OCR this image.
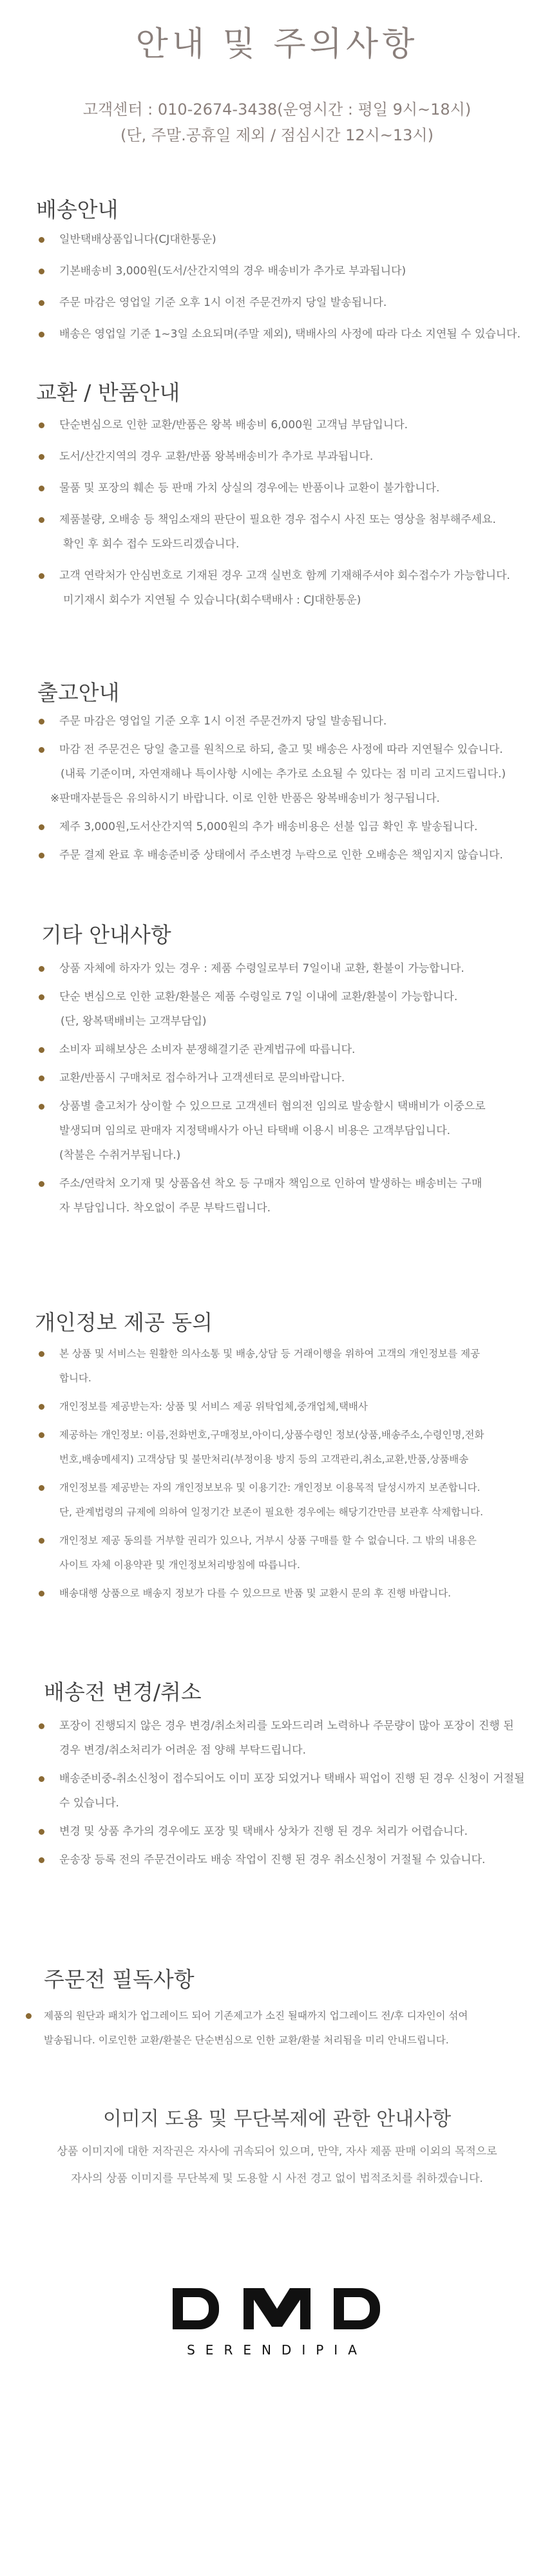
안내 및 주의사항
고객센터 : 010-2674-3438(운영시간 : 평일 9시~18시)
(단, 주말.공휴일 제외 / 점심시간 12시~13시)
배송안내
일반택배상품입니다(CJ대한통운)
기본배송비 3,000원(도서/산간지역의 경우 배송비가 추가로 부과됩니다)
주문 마감은 영업일 기준 오후 1시 이전 주문건까지 당일 발송됩니다.
배송은 영업일 기준 1~3일 소요되며(주말 제외), 택배사의 사정에 따라 다소 지연될 수 있습니다.
교환 / 반품안내
단순변심으로 인한 교환/반품은 왕복 배송비 6,000원 고객님 부담입니다.
도서/산간지역의 경우 교환/반품 왕복배송비가 추가로 부과됩니다.
물품 및 포장의 훼손 등 판매 가치 상실의 경우에는 반품이나 교환이 불가합니다.
제품불량, 오배송 등 책임소재의 판단이 필요한 경우 접수시 사진 또는 영상을 첨부해주세요.
확인 후 회수 접수 도와드리겠습니다.
고객 연락처가 안심번호로 기재된 경우 고객 실번호 함께 기재해주셔야 회수접수가 가능합니다.
미기재시 회수가 지연될 수 있습니다(회수택배사 : CJ대한통운)
출고안내
주문 마감은 영업일 기준 오후 1시 이전 주문건까지 당일 발송됩니다.
마감 전 주문건은 당일 출고를 원칙으로 하되, 출고 및 배송은 사정에 따라 지연될수 있습니다.
(내륙 기준이며, 자연재해나 특이사항 시에는 추가로 소요될 수 있다는 점 미리 고지드립니다.)
※판매자분들은 유의하시기 바랍니다. 이로 인한 반품은 왕복배송비가 청구됩니다.
제주 3,000원,도서산간지역 5,000원의 추가 배송비용은 선불 입금 확인 후 발송됩니다.
주문 결제 완료 후 배송준비중 상태에서 주소변경 누락으로 인한 오배송은 책임지지 않습니다.
기타 안내사항
상품 자체에 하자가 있는 경우 : 제품 수령일로부터 7일이내 교환, 환불이 가능합니다.
단순 변심으로 인한 교환/환불은 제품 수령일로 7일 이내에 교환/환불이 가능합니다.
(단, 왕복택배비는 고객부담입)
소비자 피해보상은 소비자 분쟁해결기준 관계법규에 따릅니다.
교환/반품시 구매처로 접수하거나 고객센터로 문의바랍니다.
상품별 출고처가 상이할 수 있으므로 고객센터 협의전 임의로 발송할시 택배비가 이중으로
발생되며 임의로 판매자 지정택배사가 아닌 타택배 이용시 비용은 고객부담입니다.
(착불은 수취거부됩니다.)
주소/연락처 오기재 및 상품옵션 착오 등 구매자 책임으로 인하여 발생하는 배송비는 구매
자 부담입니다. 착오없이 주문 부탁드립니다.
개인정보 제공 동의
본 상품 및 서비스는 원활한 의사소통 및 배송,상담 등 거래이행을 위하여 고객의 개인정보를 제공
합니다.
개인정보를 제공받는자: 상품 및 서비스 제공 위탁업체,중개업체,택배사
제공하는 개인정보: 이름,전화번호,구매정보,아이디,상품수령인 정보(상품,배송주소,수령인명,전화
번호,배송메세지) 고객상담 및 불만처리(부정이용 방지 등의 고객관리,취소,교환,반품,상품배송
개인정보를 제공받는 자의 개인정보보유 및 이용기간: 개인정보 이용목적 달성시까지 보존합니다.
단, 관계법령의 규제에 의하여 일정기간 보존이 필요한 경우에는 해당기간만큼 보관후 삭제합니다.
개인정보 제공 동의를 거부할 권리가 있으나, 거부시 상품 구매를 할 수 없습니다. 그 밖의 내용은
사이트 자체 이용약관 및 개인정보처리방침에 따릅니다.
배송대행 상품으로 배송지 정보가 다를 수 있으므로 반품 및 교환시 문의 후 진행 바랍니다.
배송전 변경/취소
포장이 진행되지 않은 경우 변경/취소처리를 도와드리려 노력하나 주문량이 많아 포장이 진행 된
경우 변경/취소처리가 어려운 점 양해 부탁드립니다.
배송준비중-취소신청이 접수되어도 이미 포장 되었거나 택배사 픽업이 진행 된 경우 신청이 거절될
수 있습니다.
변경 및 상품 추가의 경우에도 포장 및 택배사 상차가 진행 된 경우 처리가 어렵습니다.
운송장 등록 전의 주문건이라도 배송 작업이 진행 된 경우 취소신청이 거절될 수 있습니다.
주문전 필독사항
제품의 원단과 패치가 업그레이드 되어 기존제고가 소진 될때까지 업그레이드 전/후 디자인이 섞여
발송됩니다. 이로인한 교환/환불은 단순변심으로 인한 교환/환불 처리됨을 미리 안내드립니다.
이미지 도용 및 무단복제에 관한 안내사항
상품 이미지에 대한 저작권은 자사에 귀속되어 있으며, 만약, 자사 제품 판매 이외의 목적으로
자사의 상품 이미지를 무단복제 및 도용할 시 사전 경고 없이 법적조치를 취하겠습니다.
SERENDIPIA
